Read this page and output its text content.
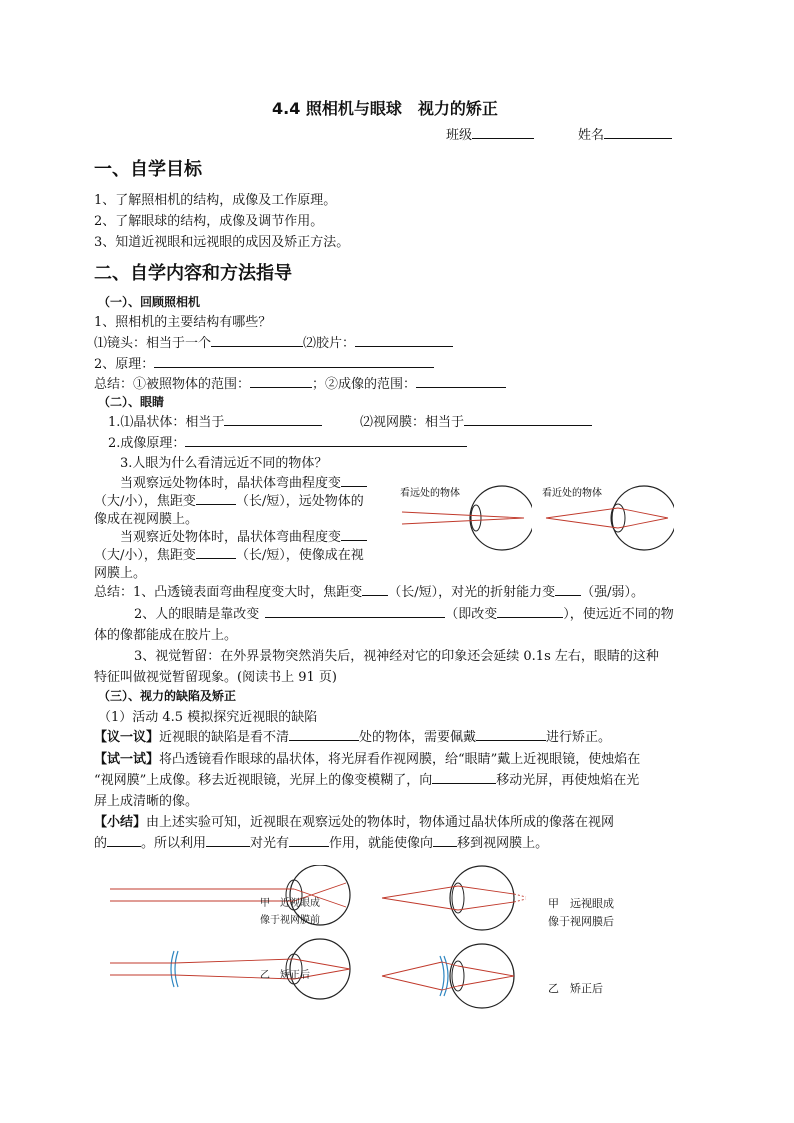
4.4 照相机与眼球　视力的矫正
班级	姓名
一、自学目标
1、了解照相机的结构，成像及工作原理。
2、了解眼球的结构，成像及调节作用。
3、知道近视眼和远视眼的成因及矫正方法。
二、自学内容和方法指导
（一）、回顾照相机
1、照相机的主要结构有哪些？
⑴镜头：相当于一个	⑵胶片：
2、原理：
总结：①被照物体的范围：	；②成像的范围：
（二）、眼睛
1.⑴晶状体：相当于	⑵视网膜：相当于
2.成像原理：
3.人眼为什么看清远近不同的物体？
当观察远处物体时，晶状体弯曲程度变
（大/小），焦距变	（长/短），远处物体的
像成在视网膜上。
当观察近处物体时，晶状体弯曲程度变
（大/小），焦距变	（长/短），使像成在视
网膜上。
看远处的物体	看近处的物体
总结：1、凸透镜表面弯曲程度变大时，焦距变 （长/短），对光的折射能力变 （强/弱）。
2、人的眼睛是靠改变	（即改变	），使远近不同的物
体的像都能成在胶片上。
3、视觉暂留：在外界景物突然消失后，视神经对它的印象还会延续 0.1s 左右，眼睛的这种
特征叫做视觉暂留现象。(阅读书上 91 页)
（三）、视力的缺陷及矫正
（1）活动 4.5 模拟探究近视眼的缺陷
【议一议】近视眼的缺陷是看不清	处的物体，需要佩戴	进行矫正。
【试一试】将凸透镜看作眼球的晶状体，将光屏看作视网膜，给“眼睛”戴上近视眼镜，使烛焰在
“视网膜”上成像。移去近视眼镜，光屏上的像变模糊了，向	移动光屏，再使烛焰在光
屏上成清晰的像。
【小结】由上述实验可知，近视眼在观察远处的物体时，物体通过晶状体所成的像落在视网
的	。所以利用	对光有	作用，就能使像向 移到视网膜上。
甲　近视眼成
像于视网膜前
乙　矫正后
甲　远视眼成
像于视网膜后
乙　矫正后
